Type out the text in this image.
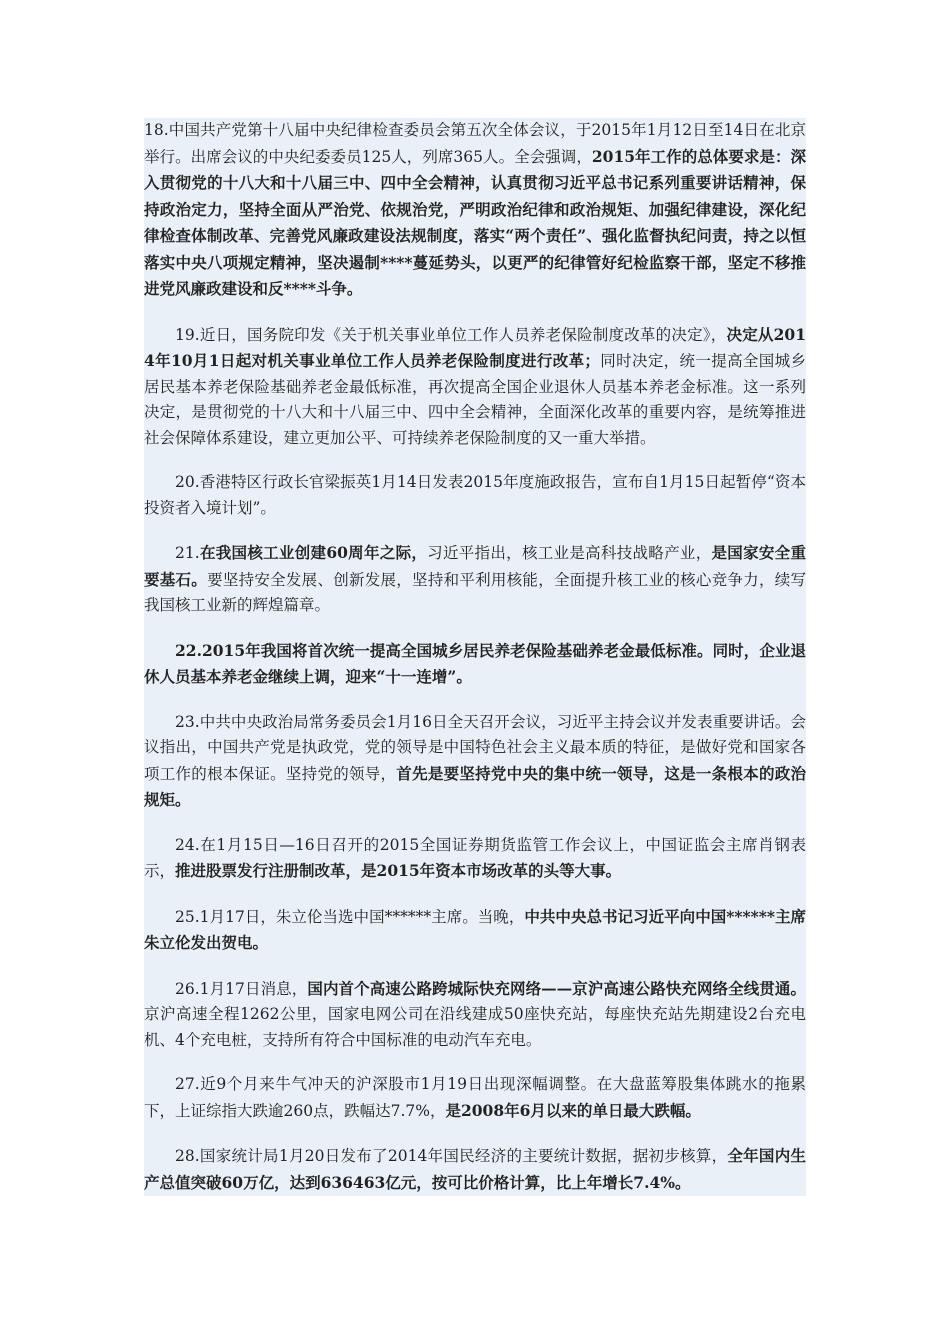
18.中国共产党第十八届中央纪律检查委员会第五次全体会议，于2015年1月12日至14日在北京举行。出席会议的中央纪委委员125人，列席365人。全会强调，2015年工作的总体要求是：深入贯彻党的十八大和十八届三中、四中全会精神，认真贯彻习近平总书记系列重要讲话精神，保持政治定力，坚持全面从严治党、依规治党，严明政治纪律和政治规矩、加强纪律建设，深化纪律检查体制改革、完善党风廉政建设法规制度，落实“两个责任”、强化监督执纪问责，持之以恒落实中央八项规定精神，坚决遏制****蔓延势头，以更严的纪律管好纪检监察干部，坚定不移推进党风廉政建设和反****斗争。

19.近日，国务院印发《关于机关事业单位工作人员养老保险制度改革的决定》，决定从2014年10月1日起对机关事业单位工作人员养老保险制度进行改革；同时决定，统一提高全国城乡居民基本养老保险基础养老金最低标准，再次提高全国企业退休人员基本养老金标准。这一系列决定，是贯彻党的十八大和十八届三中、四中全会精神，全面深化改革的重要内容，是统筹推进社会保障体系建设，建立更加公平、可持续养老保险制度的又一重大举措。

20.香港特区行政长官梁振英1月14日发表2015年度施政报告，宣布自1月15日起暂停“资本投资者入境计划”。

21.在我国核工业创建60周年之际，习近平指出，核工业是高科技战略产业，是国家安全重要基石。要坚持安全发展、创新发展，坚持和平利用核能，全面提升核工业的核心竞争力，续写我国核工业新的辉煌篇章。

22.2015年我国将首次统一提高全国城乡居民养老保险基础养老金最低标准。同时，企业退休人员基本养老金继续上调，迎来“十一连增”。

23.中共中央政治局常务委员会1月16日全天召开会议，习近平主持会议并发表重要讲话。会议指出，中国共产党是执政党，党的领导是中国特色社会主义最本质的特征，是做好党和国家各项工作的根本保证。坚持党的领导，首先是要坚持党中央的集中统一领导，这是一条根本的政治规矩。

24.在1月15日—16日召开的2015全国证券期货监管工作会议上，中国证监会主席肖钢表示，推进股票发行注册制改革，是2015年资本市场改革的头等大事。

25.1月17日，朱立伦当选中国******主席。当晚，中共中央总书记习近平向中国******主席朱立伦发出贺电。

26.1月17日消息，国内首个高速公路跨城际快充网络——京沪高速公路快充网络全线贯通。京沪高速全程1262公里，国家电网公司在沿线建成50座快充站，每座快充站先期建设2台充电机、4个充电桩，支持所有符合中国标准的电动汽车充电。

27.近9个月来牛气冲天的沪深股市1月19日出现深幅调整。在大盘蓝筹股集体跳水的拖累下，上证综指大跌逾260点，跌幅达7.7%，是2008年6月以来的单日最大跌幅。

28.国家统计局1月20日发布了2014年国民经济的主要统计数据，据初步核算，全年国内生产总值突破60万亿，达到636463亿元，按可比价格计算，比上年增长7.4%。
